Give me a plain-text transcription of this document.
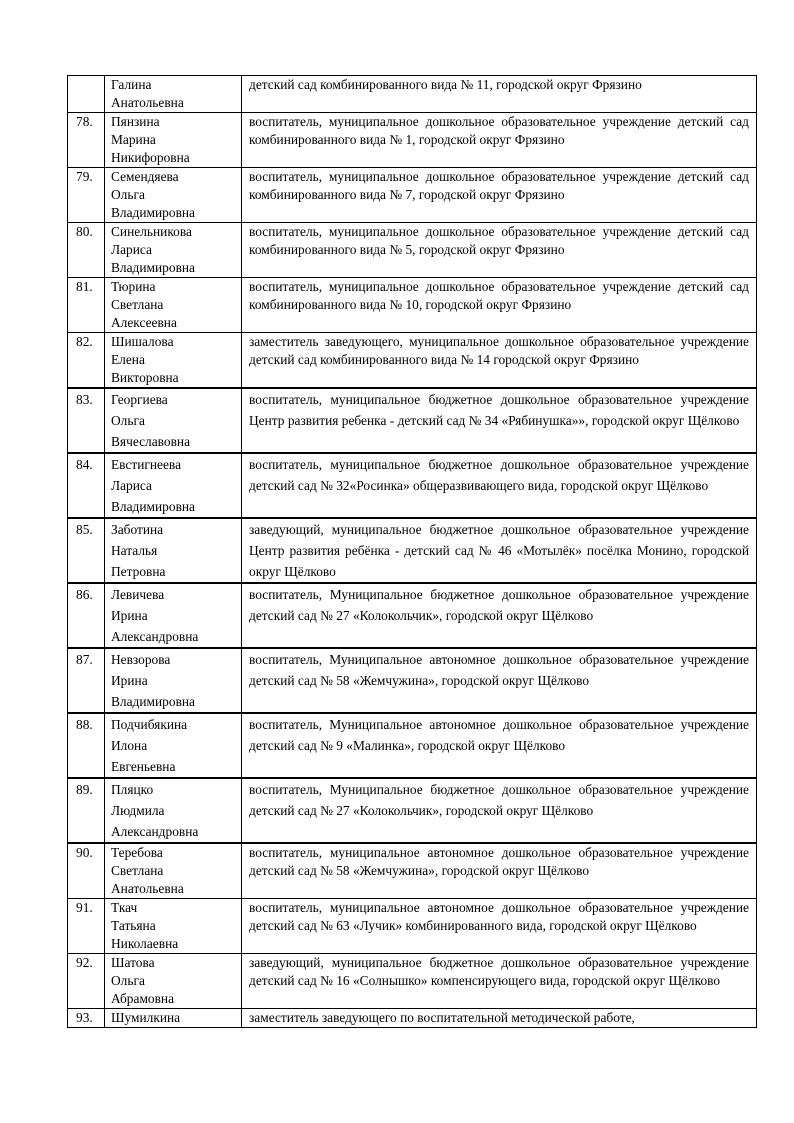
	Галина
Анатольевна	детский сад комбинированного вида № 11, городской округ Фрязино
78.	Пянзина
Марина
Никифоровна	воспитатель, муниципальное дошкольное образовательное учреждение детский сад комбинированного вида № 1, городской округ Фрязино
79.	Семендяева
Ольга
Владимировна	воспитатель, муниципальное дошкольное образовательное учреждение детский сад комбинированного вида № 7, городской округ Фрязино
80.	Синельникова
Лариса
Владимировна	воспитатель, муниципальное дошкольное образовательное учреждение детский сад комбинированного вида № 5, городской округ Фрязино
81.	Тюрина
Светлана
Алексеевна	воспитатель, муниципальное дошкольное образовательное учреждение детский сад комбинированного вида № 10, городской округ Фрязино
82.	Шишалова
Елена
Викторовна	заместитель заведующего, муниципальное дошкольное образовательное учреждение детский сад комбинированного вида № 14 городской округ Фрязино
83.	Георгиева
Ольга
Вячеславовна	воспитатель, муниципальное бюджетное дошкольное образовательное учреждение Центр развития ребенка - детский сад № 34 «Рябинушка»», городской округ Щёлково
84.	Евстигнеева
Лариса
Владимировна	воспитатель, муниципальное бюджетное дошкольное образовательное учреждение детский сад № 32«Росинка» общеразвивающего вида, городской округ Щёлково
85.	Заботина
Наталья
Петровна	заведующий, муниципальное бюджетное дошкольное образовательное учреждение Центр развития ребёнка - детский сад № 46 «Мотылёк» посёлка Монино, городской округ Щёлково
86.	Левичева
Ирина
Александровна	воспитатель, Муниципальное бюджетное дошкольное образовательное учреждение детский сад № 27 «Колокольчик», городской округ Щёлково
87.	Невзорова
Ирина
Владимировна	воспитатель, Муниципальное автономное дошкольное образовательное учреждение детский сад № 58 «Жемчужина», городской округ Щёлково
88.	Подчибякина
Илона
Евгеньевна	воспитатель, Муниципальное автономное дошкольное образовательное учреждение детский сад № 9 «Малинка», городской округ Щёлково
89.	Пляцко
Людмила
Александровна	воспитатель, Муниципальное бюджетное дошкольное образовательное учреждение детский сад № 27 «Колокольчик», городской округ Щёлково
90.	Теребова
Светлана
Анатольевна	воспитатель, муниципальное автономное дошкольное образовательное учреждение детский сад № 58 «Жемчужина», городской округ Щёлково
91.	Ткач
Татьяна
Николаевна	воспитатель, муниципальное автономное дошкольное образовательное учреждение детский сад № 63 «Лучик» комбинированного вида, городской округ Щёлково
92.	Шатова
Ольга
Абрамовна	заведующий, муниципальное бюджетное дошкольное образовательное учреждение детский сад № 16 «Солнышко» компенсирующего вида, городской округ Щёлково
93.	Шумилкина	заместитель заведующего по воспитательной методической работе,
